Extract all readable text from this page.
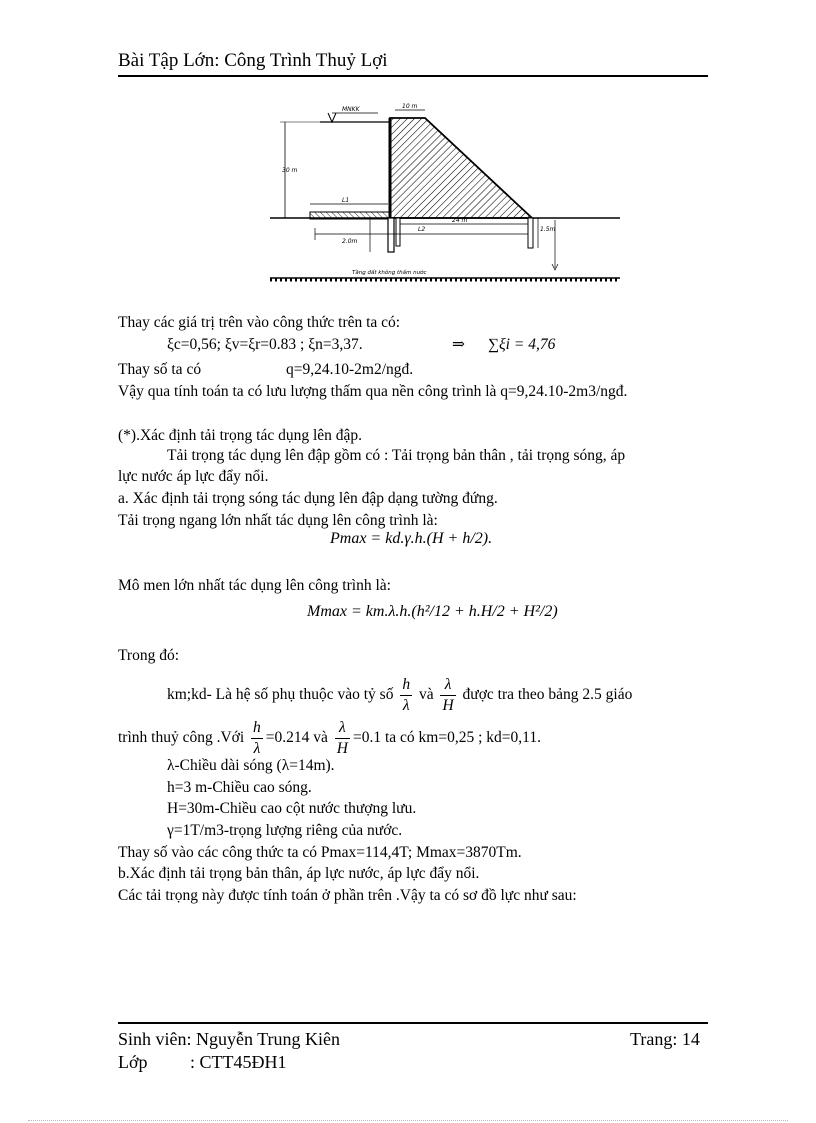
Bài Tập Lớn: Công Trình Thuỷ Lợi
MNKK	10 m
30 m
L1
24 m
L2
2.0m
1.5m
Tầng đất không thấm nước
Thay các giá trị trên vào công thức trên ta có:
ξc=0,56; ξv=ξr=0.83 ; ξn=3,37.	⇒ ∑ξi = 4,76
Thay số ta có	q=9,24.10-2m2/ngđ.
Vậy qua tính toán ta có lưu lượng thấm qua nền công trình là q=9,24.10-2m3/ngđ.
(*).Xác định tải trọng tác dụng lên đập.
Tải trọng tác dụng lên đập gồm có : Tải trọng bản thân , tải trọng sóng, áp
lực nước áp lực đẩy nổi.
a. Xác định tải trọng sóng tác dụng lên đập dạng tường đứng.
Tải trọng ngang lớn nhất tác dụng lên công trình là:
Pmax = kd.γ.h.(H + h/2).
Mô men lớn nhất tác dụng lên công trình là:
Mmax = km.λ.h.(h²/12 + h.H/2 + H²/2)
Trong đó:
km;kd- Là hệ số phụ thuộc vào tỷ số $\frac{h}{\lambda}$ và $\frac{\lambda}{H}$ được tra theo bảng 2.5 giáo
trình thuỷ công .Với $\frac{h}{\lambda} =0.214$ và $\frac{\lambda}{H} =0.1$ ta có km=0,25 ; kd=0,11.
λ-Chiều dài sóng (λ=14m).
h=3 m-Chiều cao sóng.
H=30m-Chiều cao cột nước thượng lưu.
γ=1T/m3-trọng lượng riêng của nước.
Thay số vào các công thức ta có Pmax=114,4T; Mmax=3870Tm.
b.Xác định tải trọng bản thân, áp lực nước, áp lực đẩy nổi.
Các tải trọng này được tính toán ở phần trên .Vậy ta có sơ đồ lực như sau:
Sinh viên: Nguyễn Trung Kiên	Trang: 14
Lớp : CTT45ĐH1
